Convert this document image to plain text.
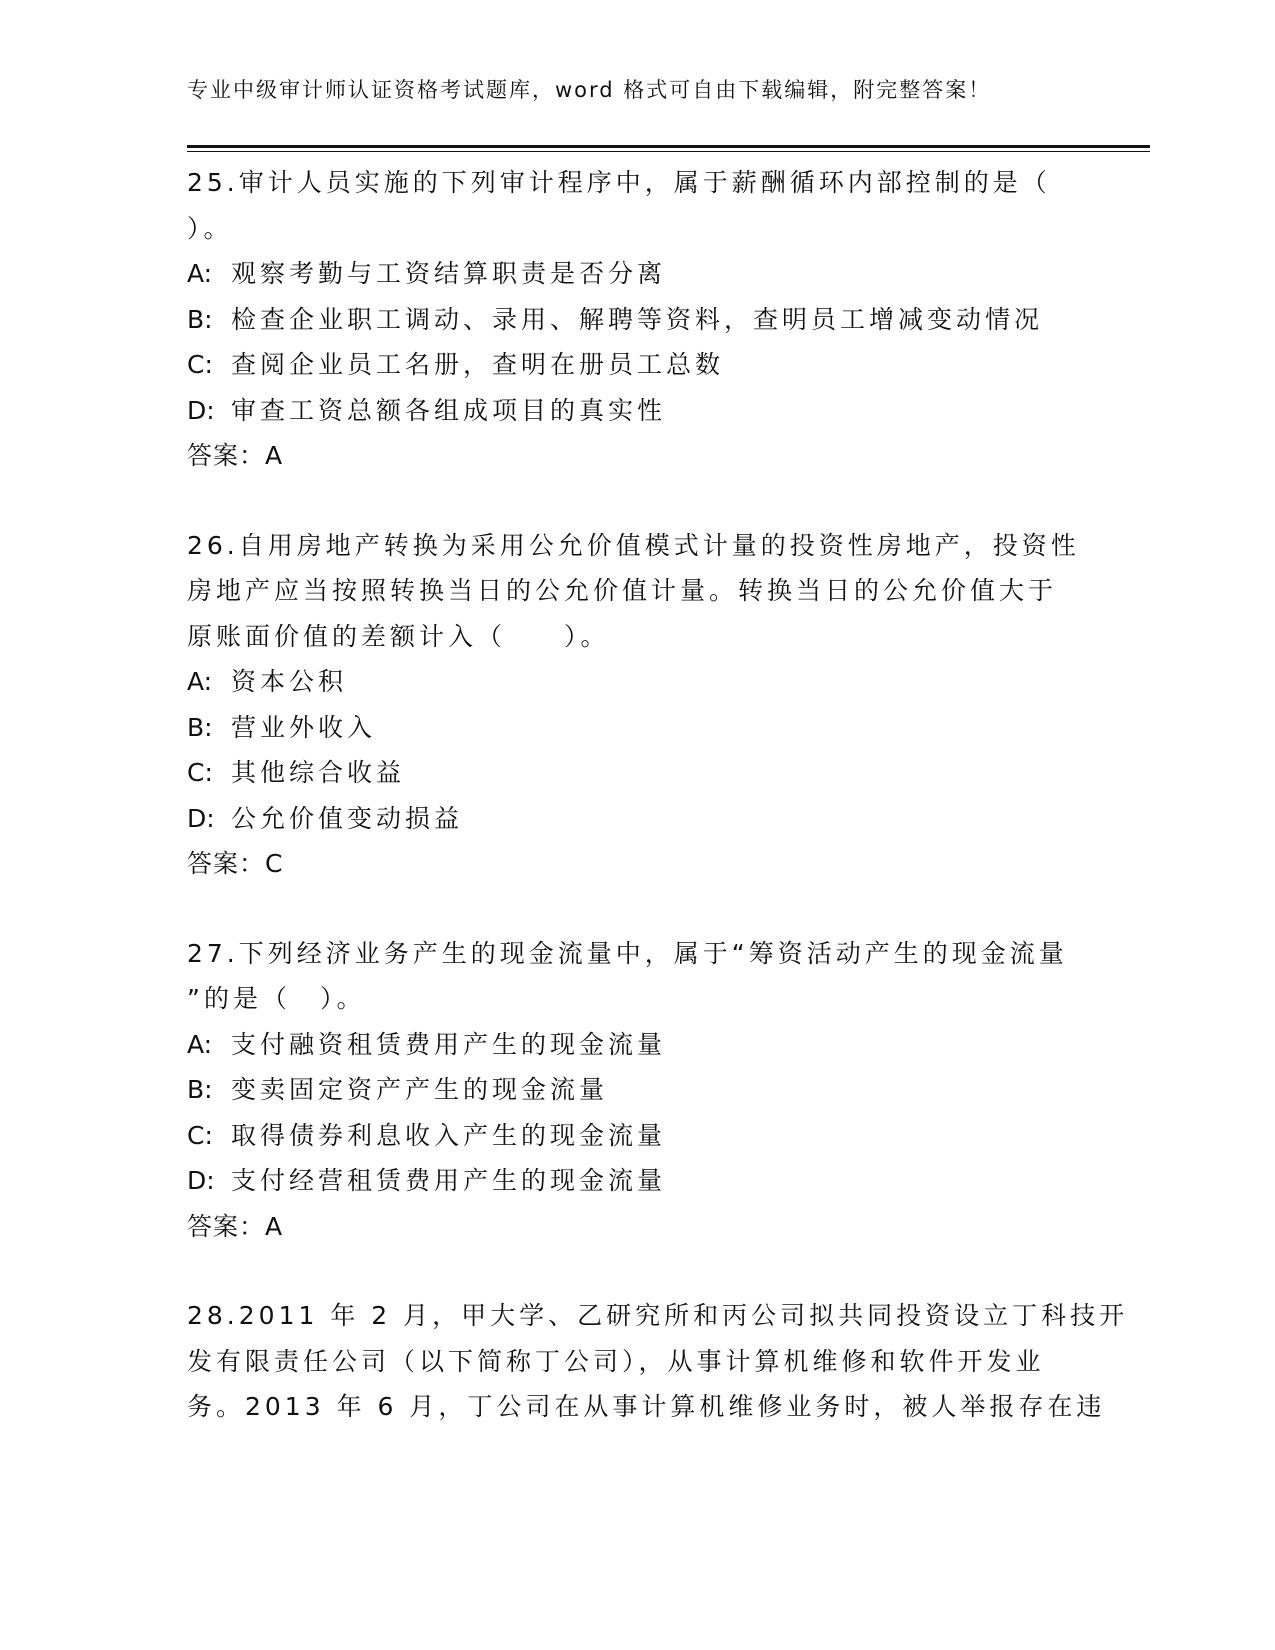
专业中级审计师认证资格考试题库，word 格式可自由下载编辑，附完整答案！
25.审计人员实施的下列审计程序中，属于薪酬循环内部控制的是（
）。
A: 观察考勤与工资结算职责是否分离
B: 检查企业职工调动、录用、解聘等资料，查明员工增减变动情况
C: 查阅企业员工名册，查明在册员工总数
D: 审查工资总额各组成项目的真实性
答案：A
26.自用房地产转换为采用公允价值模式计量的投资性房地产，投资性
房地产应当按照转换当日的公允价值计量。转换当日的公允价值大于
原账面价值的差额计入（　　）。
A: 资本公积
B: 营业外收入
C: 其他综合收益
D: 公允价值变动损益
答案：C
27.下列经济业务产生的现金流量中，属于“筹资活动产生的现金流量
”的是（　）。
A: 支付融资租赁费用产生的现金流量
B: 变卖固定资产产生的现金流量
C: 取得债券利息收入产生的现金流量
D: 支付经营租赁费用产生的现金流量
答案：A
28.2011 年 2 月，甲大学、乙研究所和丙公司拟共同投资设立丁科技开
发有限责任公司（以下简称丁公司），从事计算机维修和软件开发业
务。2013 年 6 月，丁公司在从事计算机维修业务时，被人举报存在违
